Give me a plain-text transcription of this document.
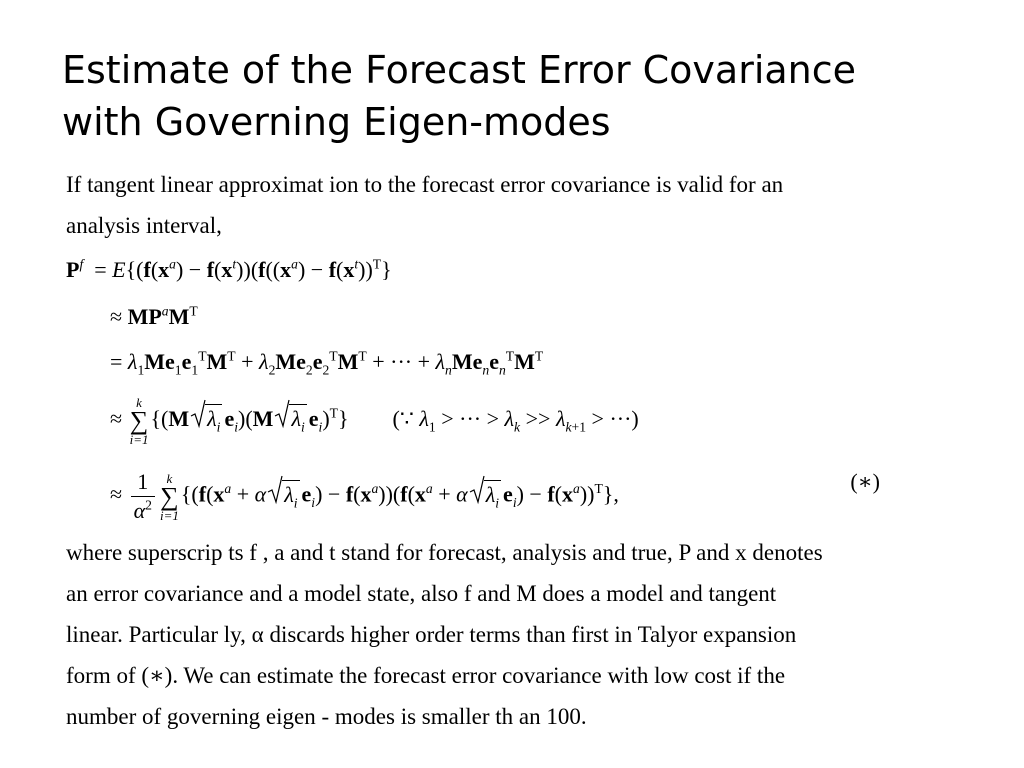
Estimate of the Forecast Error Covariance
with Governing Eigen-modes
If tangent linear approximat ion to the forecast error covariance is valid for an
analysis interval,
$P^f = E\{(f(x^a) - f(x^t))(f((x^a) - f(x^t))^T\}$
≈ $MP^aM^T$
= $\lambda_1Me_1e_1^TM^T + \lambda_2Me_2e_2^TM^T$ + ··· + $\lambda_nMe_ne_n^TM^T$
≈
k
∑
i=1
{(M $\lambda_i$ $e_i)(M$ $\lambda_i$ $e_i)^T$}        (∵ $\lambda_1$ > ··· > $\lambda_k >> \lambda_{k+1}$ > ···)
≈ $\frac{1}{\alpha^2}$ k
∑
i=1
{($f(x^a + \alpha$ $\lambda_i$ $e_i) - f(x^a))(f(x^a + \alpha$ $\lambda_i$ $e_i) - f(x^a))^T$},
(∗)
where superscrip ts f , a and t stand for forecast, analysis and true, P and x denotes
an error covariance and a model state, also f and M does a model and tangent
linear. Particular ly, α discards higher order terms than first in Talyor expansion
form of (∗). We can estimate the forecast error covariance with low cost if the
number of governing eigen - modes is smaller th an 100.
